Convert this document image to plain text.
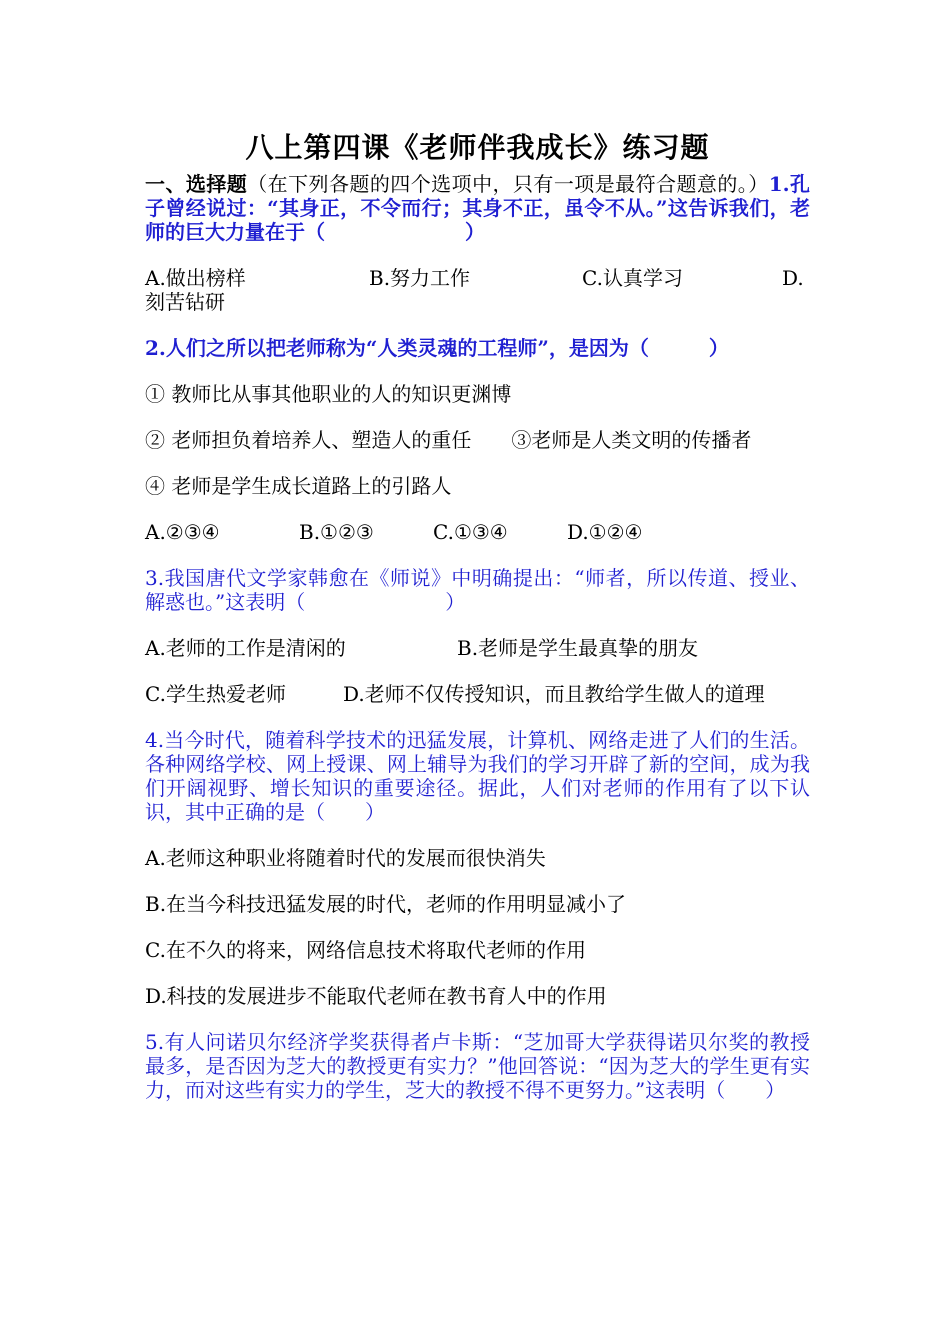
八上第四课《老师伴我成长》练习题

一、选择题（在下列各题的四个选项中，只有一项是最符合题意的。）1.孔子曾经说过：“其身正，不令而行；其身不正，虽令不从。”这告诉我们，老师的巨大力量在于（　　　　　　　）

A.做出榜样	B.努力工作	C.认真学习	D.
刻苦钻研

2.人们之所以把老师称为“人类灵魂的工程师”，是因为（　　　）

① 教师比从事其他职业的人的知识更渊博

② 老师担负着培养人、塑造人的重任　　③老师是人类文明的传播者

④ 老师是学生成长道路上的引路人

A.②③④	B.①②③	C.①③④	D.①②④

3.我国唐代文学家韩愈在《师说》中明确提出：“师者，所以传道、授业、解惑也。”这表明（　　　　　　　）

A.老师的工作是清闲的	B.老师是学生最真挚的朋友
C.学生热爱老师	D.老师不仅传授知识，而且教给学生做人的道理

4.当今时代，随着科学技术的迅猛发展，计算机、网络走进了人们的生活。各种网络学校、网上授课、网上辅导为我们的学习开辟了新的空间，成为我们开阔视野、增长知识的重要途径。据此，人们对老师的作用有了以下认识，其中正确的是（　　）

A.老师这种职业将随着时代的发展而很快消失

B.在当今科技迅猛发展的时代，老师的作用明显减小了

C.在不久的将来，网络信息技术将取代老师的作用

D.科技的发展进步不能取代老师在教书育人中的作用

5.有人问诺贝尔经济学奖获得者卢卡斯：“芝加哥大学获得诺贝尔奖的教授最多，是否因为芝大的教授更有实力？”他回答说：“因为芝大的学生更有实力，而对这些有实力的学生，芝大的教授不得不更努力。”这表明（　　）
